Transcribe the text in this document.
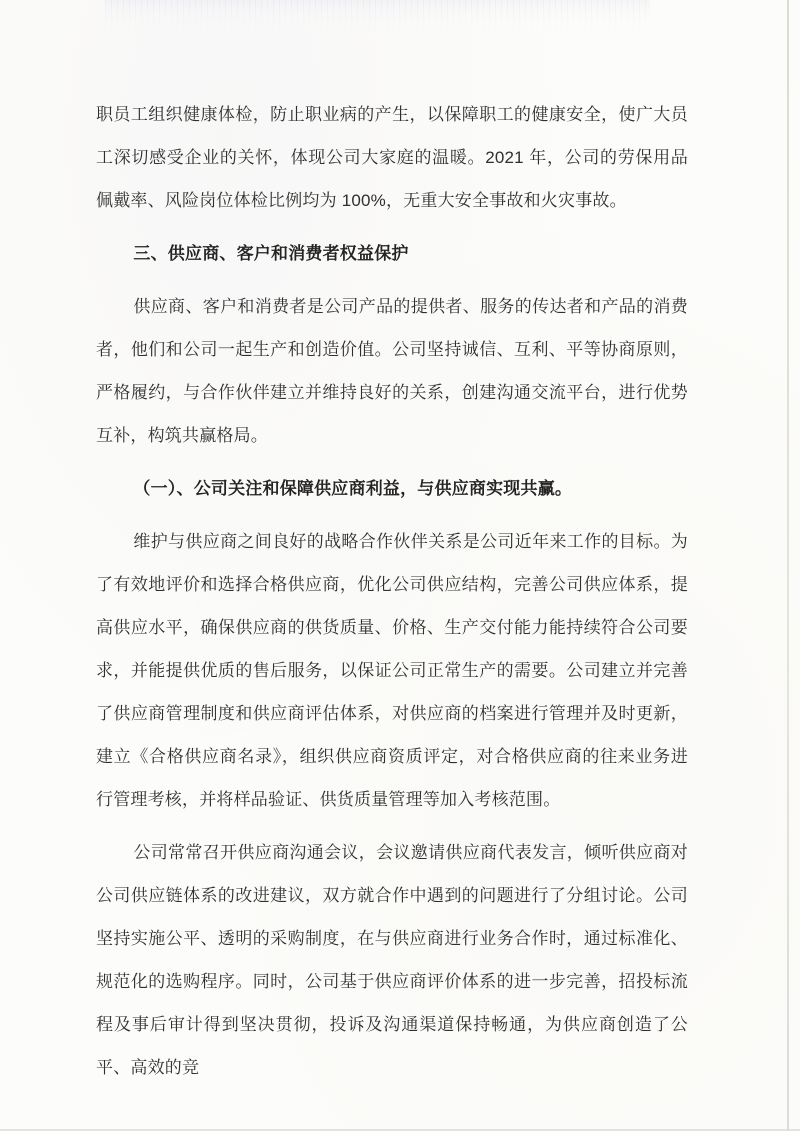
职员工组织健康体检，防止职业病的产生，以保障职工的健康安全，使广大员工深切感受企业的关怀，体现公司大家庭的温暖。2021 年，公司的劳保用品佩戴率、风险岗位体检比例均为 100%，无重大安全事故和火灾事故。

三、供应商、客户和消费者权益保护

供应商、客户和消费者是公司产品的提供者、服务的传达者和产品的消费者，他们和公司一起生产和创造价值。公司坚持诚信、互利、平等协商原则，严格履约，与合作伙伴建立并维持良好的关系，创建沟通交流平台，进行优势互补，构筑共赢格局。

（一）、公司关注和保障供应商利益，与供应商实现共赢。

维护与供应商之间良好的战略合作伙伴关系是公司近年来工作的目标。为了有效地评价和选择合格供应商，优化公司供应结构，完善公司供应体系，提高供应水平，确保供应商的供货质量、价格、生产交付能力能持续符合公司要求，并能提供优质的售后服务，以保证公司正常生产的需要。公司建立并完善了供应商管理制度和供应商评估体系，对供应商的档案进行管理并及时更新，建立《合格供应商名录》，组织供应商资质评定，对合格供应商的往来业务进行管理考核，并将样品验证、供货质量管理等加入考核范围。

公司常常召开供应商沟通会议，会议邀请供应商代表发言，倾听供应商对公司供应链体系的改进建议，双方就合作中遇到的问题进行了分组讨论。公司坚持实施公平、透明的采购制度，在与供应商进行业务合作时，通过标准化、规范化的选购程序。同时，公司基于供应商评价体系的进一步完善，招投标流程及事后审计得到坚决贯彻，投诉及沟通渠道保持畅通，为供应商创造了公平、高效的竞
